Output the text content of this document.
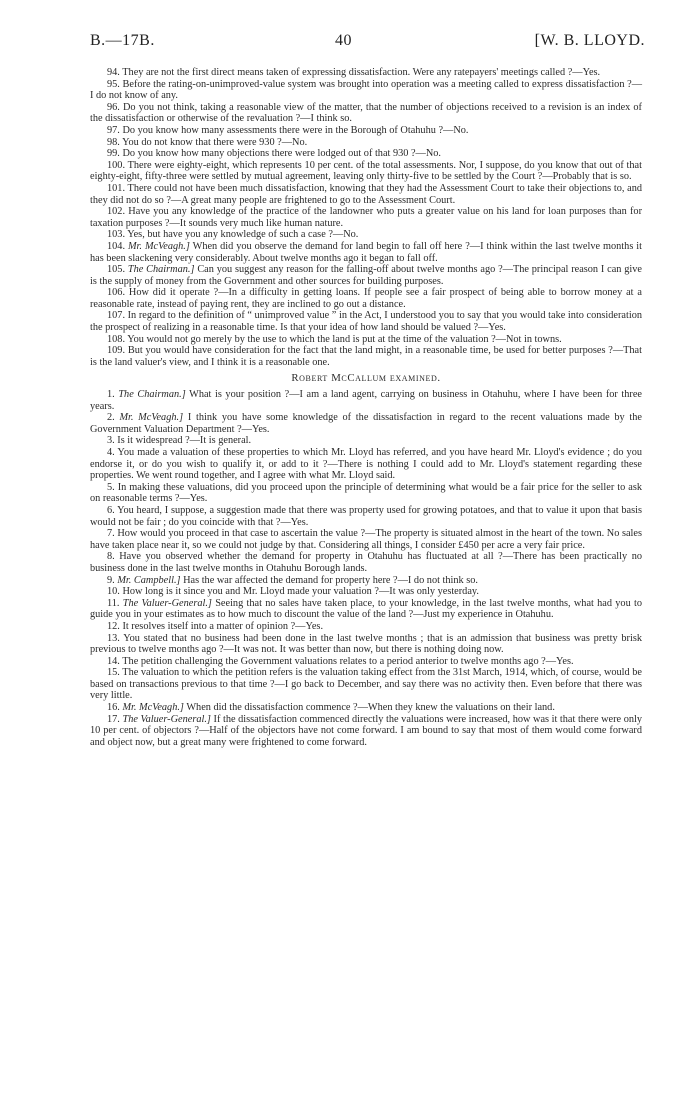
B.—17B.	40	[W. B. LLOYD.

94. They are not the first direct means taken of expressing dissatisfaction. Were any ratepayers' meetings called ?—Yes.

95. Before the rating-on-unimproved-value system was brought into operation was a meeting called to express dissatisfaction ?—I do not know of any.

96. Do you not think, taking a reasonable view of the matter, that the number of objections received to a revision is an index of the dissatisfaction or otherwise of the revaluation ?—I think so.

97. Do you know how many assessments there were in the Borough of Otahuhu ?—No.

98. You do not know that there were 930 ?—No.

99. Do you know how many objections there were lodged out of that 930 ?—No.

100. There were eighty-eight, which represents 10 per cent. of the total assessments. Nor, I suppose, do you know that out of that eighty-eight, fifty-three were settled by mutual agreement, leaving only thirty-five to be settled by the Court ?—Probably that is so.

101. There could not have been much dissatisfaction, knowing that they had the Assessment Court to take their objections to, and they did not do so ?—A great many people are frightened to go to the Assessment Court.

102. Have you any knowledge of the practice of the landowner who puts a greater value on his land for loan purposes than for taxation purposes ?—It sounds very much like human nature.

103. Yes, but have you any knowledge of such a case ?—No.

104. Mr. McVeagh.] When did you observe the demand for land begin to fall off here ?—I think within the last twelve months it has been slackening very considerably. About twelve months ago it began to fall off.

105. The Chairman.] Can you suggest any reason for the falling-off about twelve months ago ?—The principal reason I can give is the supply of money from the Government and other sources for building purposes.

106. How did it operate ?—In a difficulty in getting loans. If people see a fair prospect of being able to borrow money at a reasonable rate, instead of paying rent, they are inclined to go out a distance.

107. In regard to the definition of “ unimproved value ” in the Act, I understood you to say that you would take into consideration the prospect of realizing in a reasonable time. Is that your idea of how land should be valued ?—Yes.

108. You would not go merely by the use to which the land is put at the time of the valuation ?—Not in towns.

109. But you would have consideration for the fact that the land might, in a reasonable time, be used for better purposes ?—That is the land valuer's view, and I think it is a reasonable one.

Robert McCallum examined.

1. The Chairman.] What is your position ?—I am a land agent, carrying on business in Otahuhu, where I have been for three years.

2. Mr. McVeagh.] I think you have some knowledge of the dissatisfaction in regard to the recent valuations made by the Government Valuation Department ?—Yes.

3. Is it widespread ?—It is general.

4. You made a valuation of these properties to which Mr. Lloyd has referred, and you have heard Mr. Lloyd's evidence ; do you endorse it, or do you wish to qualify it, or add to it ?—There is nothing I could add to Mr. Lloyd's statement regarding these properties. We went round together, and I agree with what Mr. Lloyd said.

5. In making these valuations, did you proceed upon the principle of determining what would be a fair price for the seller to ask on reasonable terms ?—Yes.

6. You heard, I suppose, a suggestion made that there was property used for growing potatoes, and that to value it upon that basis would not be fair ; do you coincide with that ?—Yes.

7. How would you proceed in that case to ascertain the value ?—The property is situated almost in the heart of the town. No sales have taken place near it, so we could not judge by that. Considering all things, I consider £450 per acre a very fair price.

8. Have you observed whether the demand for property in Otahuhu has fluctuated at all ?—There has been practically no business done in the last twelve months in Otahuhu Borough lands.

9. Mr. Campbell.] Has the war affected the demand for property here ?—I do not think so.

10. How long is it since you and Mr. Lloyd made your valuation ?—It was only yesterday.

11. The Valuer-General.] Seeing that no sales have taken place, to your knowledge, in the last twelve months, what had you to guide you in your estimates as to how much to discount the value of the land ?—Just my experience in Otahuhu.

12. It resolves itself into a matter of opinion ?—Yes.

13. You stated that no business had been done in the last twelve months ; that is an admission that business was pretty brisk previous to twelve months ago ?—It was not. It was better than now, but there is nothing doing now.

14. The petition challenging the Government valuations relates to a period anterior to twelve months ago ?—Yes.

15. The valuation to which the petition refers is the valuation taking effect from the 31st March, 1914, which, of course, would be based on transactions previous to that time ?—I go back to December, and say there was no activity then. Even before that there was very little.

16. Mr. McVeagh.] When did the dissatisfaction commence ?—When they knew the valuations on their land.

17. The Valuer-General.] If the dissatisfaction commenced directly the valuations were increased, how was it that there were only 10 per cent. of objectors ?—Half of the objectors have not come forward. I am bound to say that most of them would come forward and object now, but a great many were frightened to come forward.
